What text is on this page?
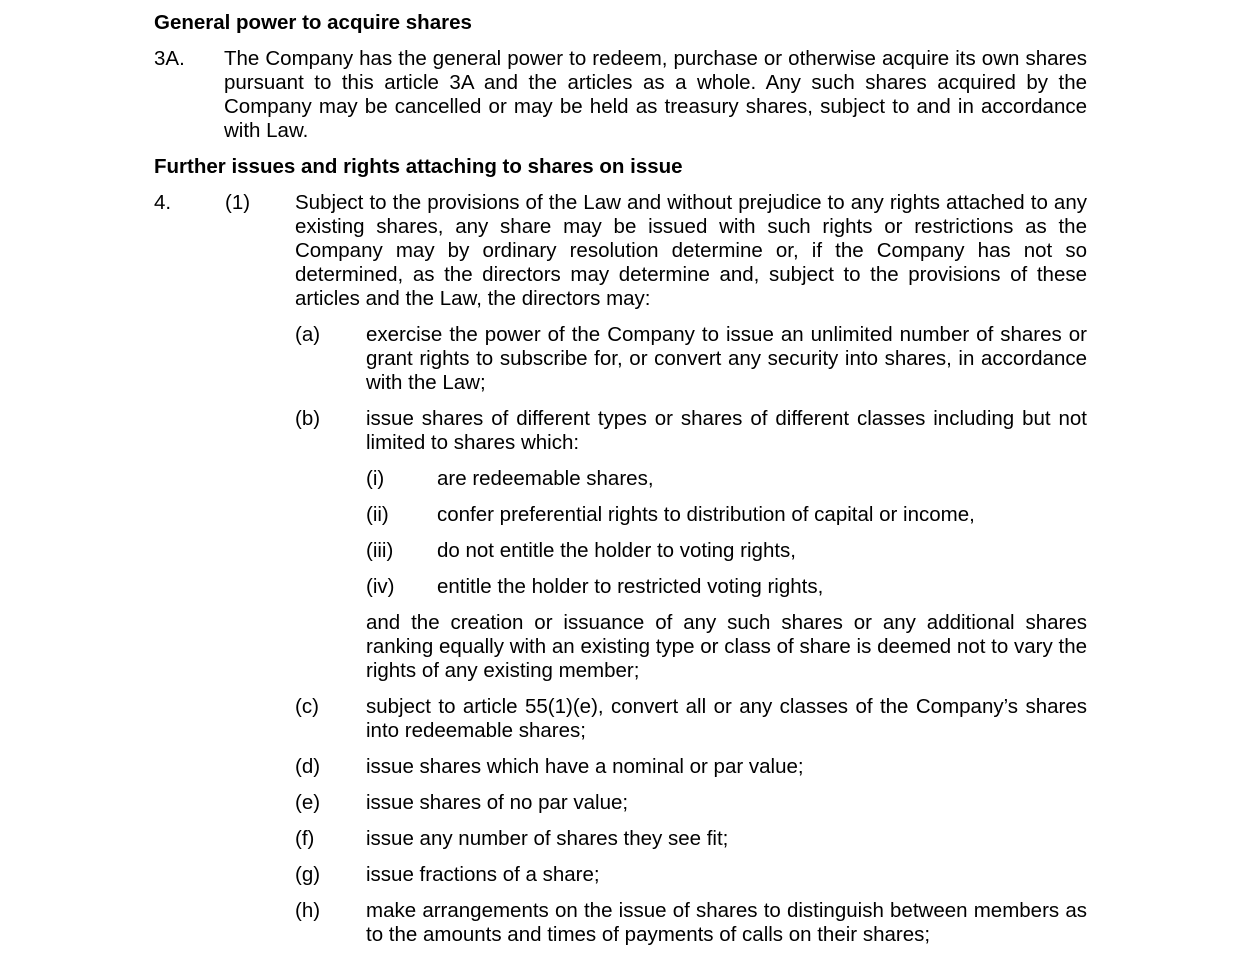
General power to acquire shares
3A. The Company has the general power to redeem, purchase or otherwise acquire its own shares pursuant to this article 3A and the articles as a whole. Any such shares acquired by the Company may be cancelled or may be held as treasury shares, subject to and in accordance with Law.
Further issues and rights attaching to shares on issue
4.	(1) Subject to the provisions of the Law and without prejudice to any rights attached to any existing shares, any share may be issued with such rights or restrictions as the Company may by ordinary resolution determine or, if the Company has not so determined, as the directors may determine and, subject to the provisions of these articles and the Law, the directors may:
(a) exercise the power of the Company to issue an unlimited number of shares or grant rights to subscribe for, or convert any security into shares, in accordance with the Law;
(b) issue shares of different types or shares of different classes including but not limited to shares which:
(i)	are redeemable shares,
(ii) confer preferential rights to distribution of capital or income,
(iii) do not entitle the holder to voting rights,
(iv) entitle the holder to restricted voting rights,
and the creation or issuance of any such shares or any additional shares ranking equally with an existing type or class of share is deemed not to vary the rights of any existing member;
(c) subject to article 55(1)(e), convert all or any classes of the Company’s shares into redeemable shares;
(d) issue shares which have a nominal or par value;
(e) issue shares of no par value;
(f)	issue any number of shares they see fit;
(g) issue fractions of a share;
(h) make arrangements on the issue of shares to distinguish between members as to the amounts and times of payments of calls on their shares;
